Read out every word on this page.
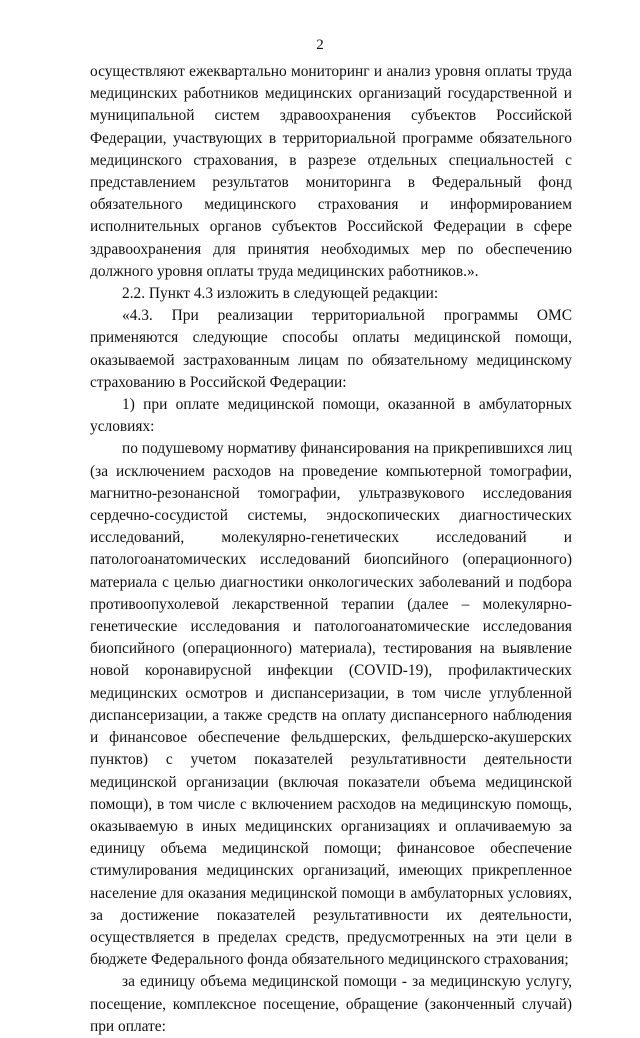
2

осуществляют ежеквартально мониторинг и анализ уровня оплаты труда медицинских работников медицинских организаций государственной и муниципальной систем здравоохранения субъектов Российской Федерации, участвующих в территориальной программе обязательного медицинского страхования, в разрезе отдельных специальностей с представлением результатов мониторинга в Федеральный фонд обязательного медицинского страхования и информированием исполнительных органов субъектов Российской Федерации в сфере здравоохранения для принятия необходимых мер по обеспечению должного уровня оплаты труда медицинских работников.».

2.2. Пункт 4.3 изложить в следующей редакции:

«4.3. При реализации территориальной программы ОМС применяются следующие способы оплаты медицинской помощи, оказываемой застрахованным лицам по обязательному медицинскому страхованию в Российской Федерации:

1) при оплате медицинской помощи, оказанной в амбулаторных условиях:

по подушевому нормативу финансирования на прикрепившихся лиц (за исключением расходов на проведение компьютерной томографии, магнитно-резонансной томографии, ультразвукового исследования сердечно-сосудистой системы, эндоскопических диагностических исследований, молекулярно-генетических исследований и патологоанатомических исследований биопсийного (операционного) материала с целью диагностики онкологических заболеваний и подбора противоопухолевой лекарственной терапии (далее – молекулярно-генетические исследования и патологоанатомические исследования биопсийного (операционного) материала), тестирования на выявление новой коронавирусной инфекции (COVID-19), профилактических медицинских осмотров и диспансеризации, в том числе углубленной диспансеризации, а также средств на оплату диспансерного наблюдения и финансовое обеспечение фельдшерских, фельдшерско-акушерских пунктов) с учетом показателей результативности деятельности медицинской организации (включая показатели объема медицинской помощи), в том числе с включением расходов на медицинскую помощь, оказываемую в иных медицинских организациях и оплачиваемую за единицу объема медицинской помощи; финансовое обеспечение стимулирования медицинских организаций, имеющих прикрепленное население для оказания медицинской помощи в амбулаторных условиях, за достижение показателей результативности их деятельности, осуществляется в пределах средств, предусмотренных на эти цели в бюджете Федерального фонда обязательного медицинского страхования;

за единицу объема медицинской помощи - за медицинскую услугу, посещение, комплексное посещение, обращение (законченный случай) при оплате:
